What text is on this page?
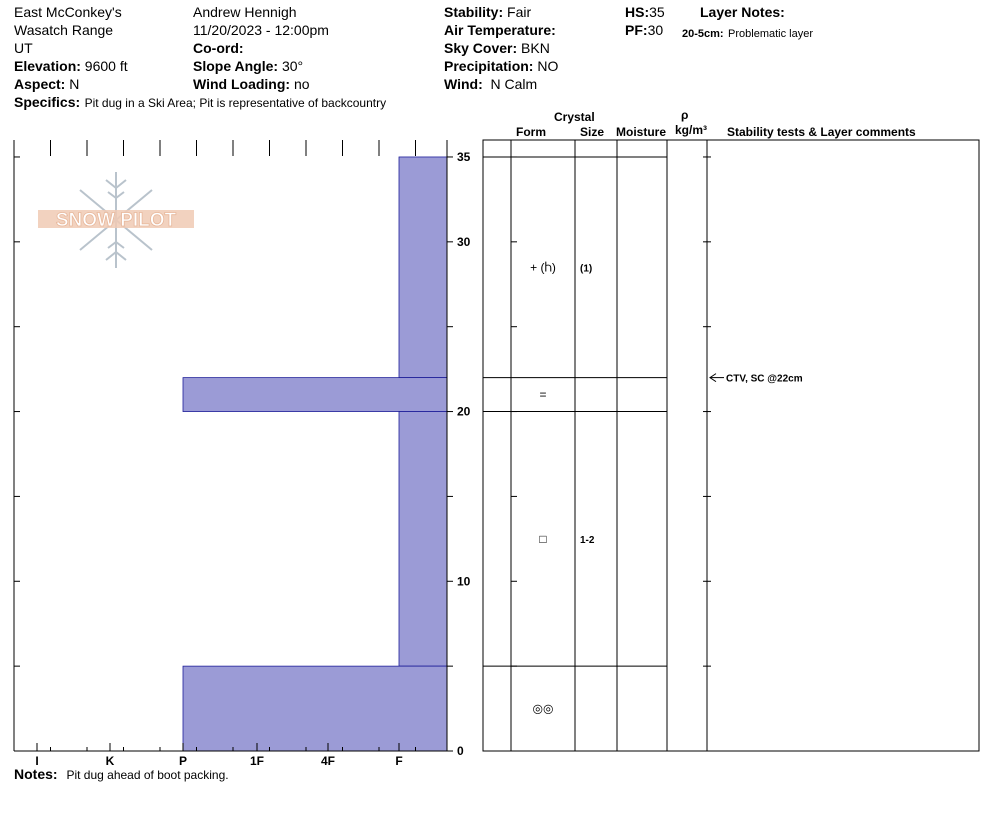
East McConkey's
Wasatch Range
UT
Elevation: 9600 ft
Aspect: N
Specifics: Pit dug in a Ski Area; Pit is representative of backcountry
Andrew Hennigh
11/20/2023 - 12:00pm
Co-ord:
Slope Angle: 30°
Wind Loading: no
Stability: Fair
Air Temperature:
Sky Cover: BKN
Precipitation: NO
Wind: N Calm
HS:35
PF:30
Layer Notes:
20-5cm: Problematic layer
Crystal
Form	Size Moisture
ρ
kg/m³ Stability tests & Layer comments
SNOW PILOT
I	K	P	1F	4F	F
35
30
20
10
0
+ (Ⴙ) (1)
=
□	1-2
◎◎
CTV, SC @22cm
Notes: Pit dug ahead of boot packing.
